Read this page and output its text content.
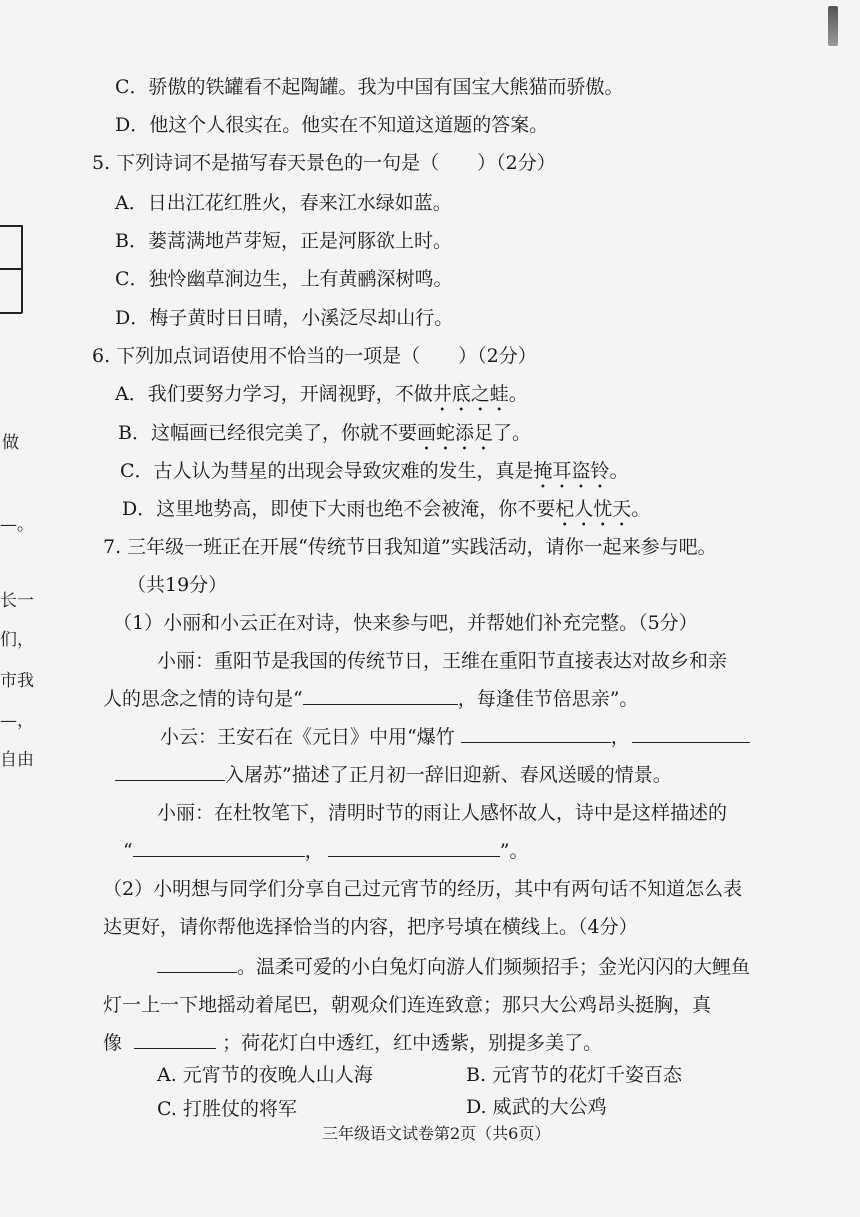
做
—。
长一
们，
市我
—，
自由
C．骄傲的铁罐看不起陶罐。我为中国有国宝大熊猫而骄傲。
D．他这个人很实在。他实在不知道这道题的答案。
5. 下列诗词不是描写春天景色的一句是（　　）（2分）
A．日出江花红胜火，春来江水绿如蓝。
B．蒌蒿满地芦芽短，正是河豚欲上时。
C．独怜幽草涧边生，上有黄鹂深树鸣。
D．梅子黄时日日晴，小溪泛尽却山行。
6. 下列加点词语使用不恰当的一项是（　　）（2分）
A．我们要努力学习，开阔视野，不做井底之蛙。
B．这幅画已经很完美了，你就不要画蛇添足了。
C．古人认为彗星的出现会导致灾难的发生，真是掩耳盗铃。
D．这里地势高，即使下大雨也绝不会被淹，你不要杞人忧天。
7. 三年级一班正在开展“传统节日我知道”实践活动，请你一起来参与吧。
（共19分）
（1）小丽和小云正在对诗，快来参与吧，并帮她们补充完整。（5分）
小丽：重阳节是我国的传统节日，王维在重阳节直接表达对故乡和亲
人的思念之情的诗句是“	，每逢佳节倍思亲”。
小云：王安石在《元日》中用“爆竹	，
入屠苏”描述了正月初一辞旧迎新、春风送暖的情景。
小丽：在杜牧笔下，清明时节的雨让人感怀故人，诗中是这样描述的
“	，	”。
（2）小明想与同学们分享自己过元宵节的经历，其中有两句话不知道怎么表
达更好，请你帮他选择恰当的内容，把序号填在横线上。（4分）
。温柔可爱的小白兔灯向游人们频频招手；金光闪闪的大鲤鱼
灯一上一下地摇动着尾巴，朝观众们连连致意；那只大公鸡昂头挺胸，真
像	；荷花灯白中透红，红中透紫，别提多美了。
A. 元宵节的夜晚人山人海	B. 元宵节的花灯千姿百态
C. 打胜仗的将军	D. 威武的大公鸡
三年级语文试卷第2页（共6页）
